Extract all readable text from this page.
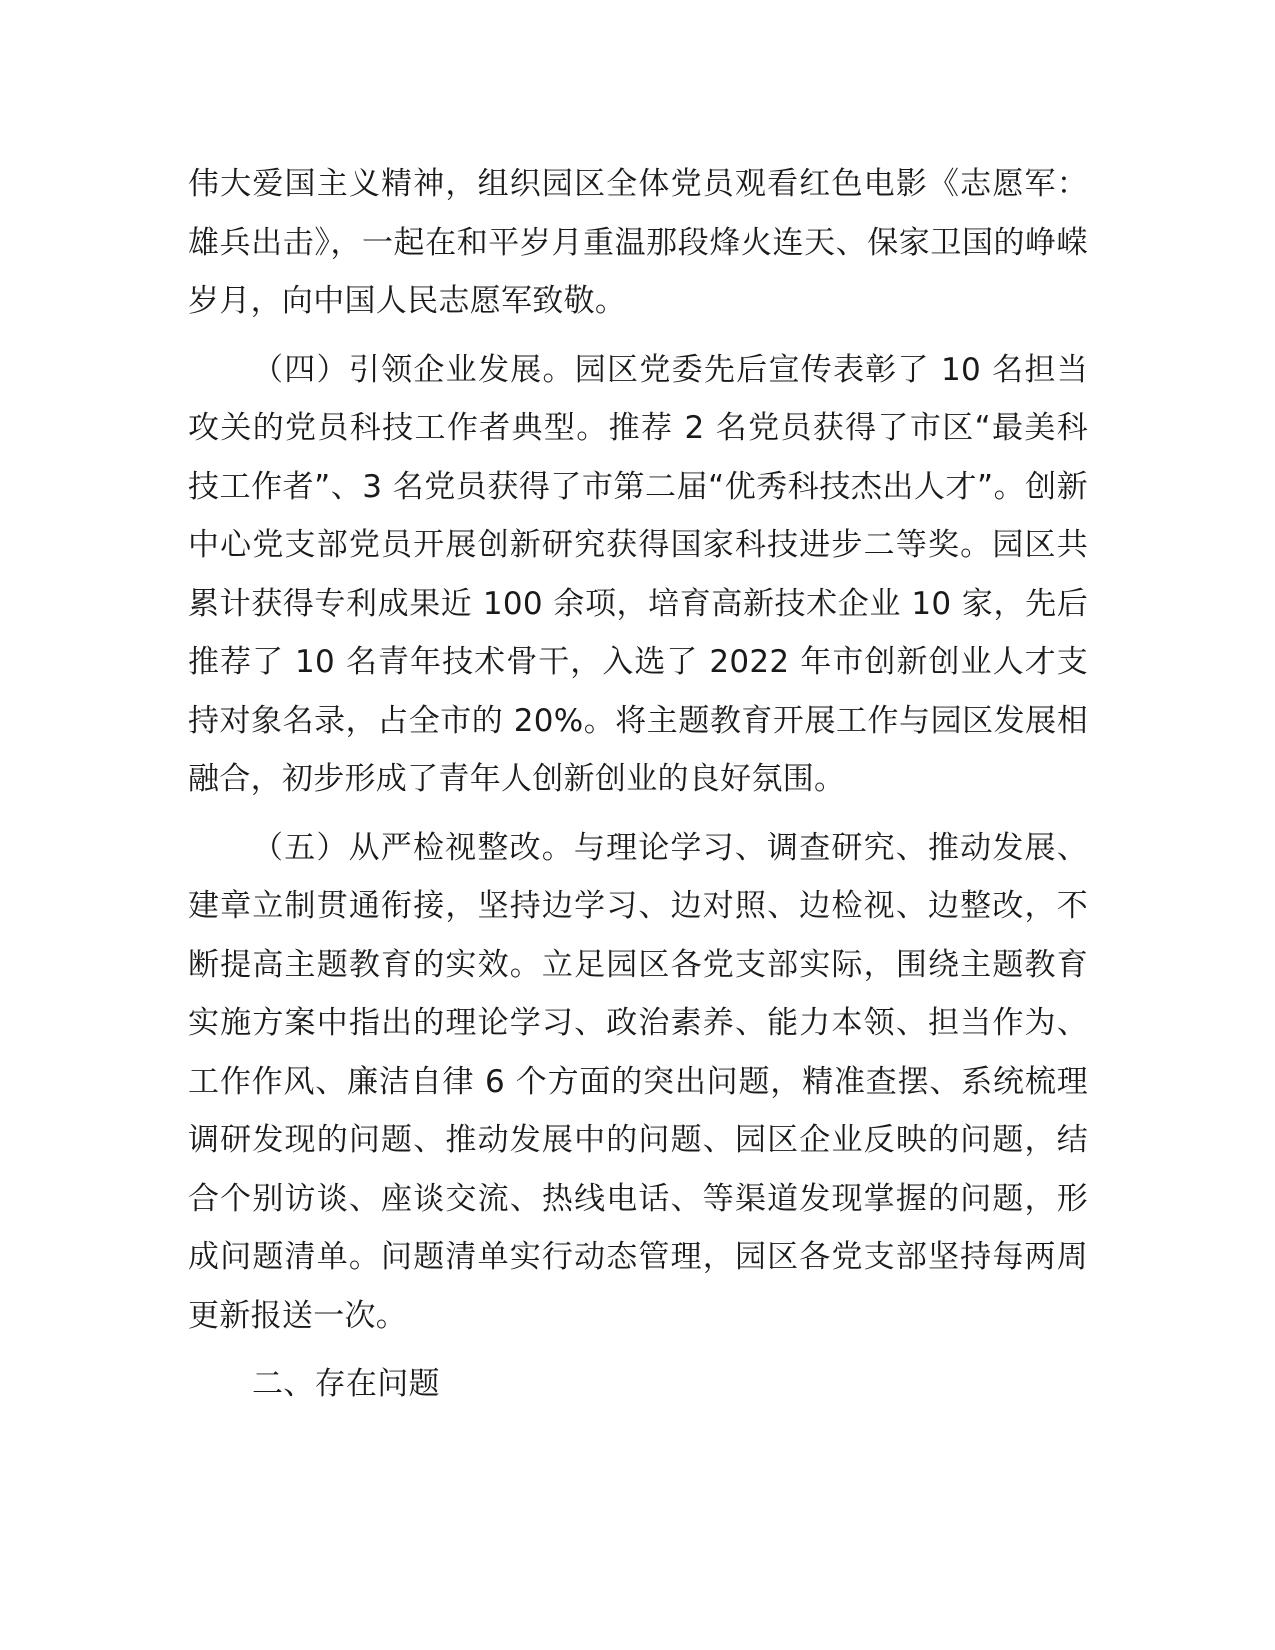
伟大爱国主义精神，组织园区全体党员观看红色电影《志愿军：雄兵出击》，一起在和平岁月重温那段烽火连天、保家卫国的峥嵘岁月，向中国人民志愿军致敬。

（四）引领企业发展。园区党委先后宣传表彰了 10 名担当攻关的党员科技工作者典型。推荐 2 名党员获得了市区“最美科技工作者”、3 名党员获得了市第二届“优秀科技杰出人才”。创新中心党支部党员开展创新研究获得国家科技进步二等奖。园区共累计获得专利成果近 100 余项，培育高新技术企业 10 家，先后推荐了 10 名青年技术骨干，入选了 2022 年市创新创业人才支持对象名录，占全市的 20%。将主题教育开展工作与园区发展相融合，初步形成了青年人创新创业的良好氛围。

（五）从严检视整改。与理论学习、调查研究、推动发展、建章立制贯通衔接，坚持边学习、边对照、边检视、边整改，不断提高主题教育的实效。立足园区各党支部实际，围绕主题教育实施方案中指出的理论学习、政治素养、能力本领、担当作为、工作作风、廉洁自律 6 个方面的突出问题，精准查摆、系统梳理调研发现的问题、推动发展中的问题、园区企业反映的问题，结合个别访谈、座谈交流、热线电话、等渠道发现掌握的问题，形成问题清单。问题清单实行动态管理，园区各党支部坚持每两周更新报送一次。

二、存在问题
